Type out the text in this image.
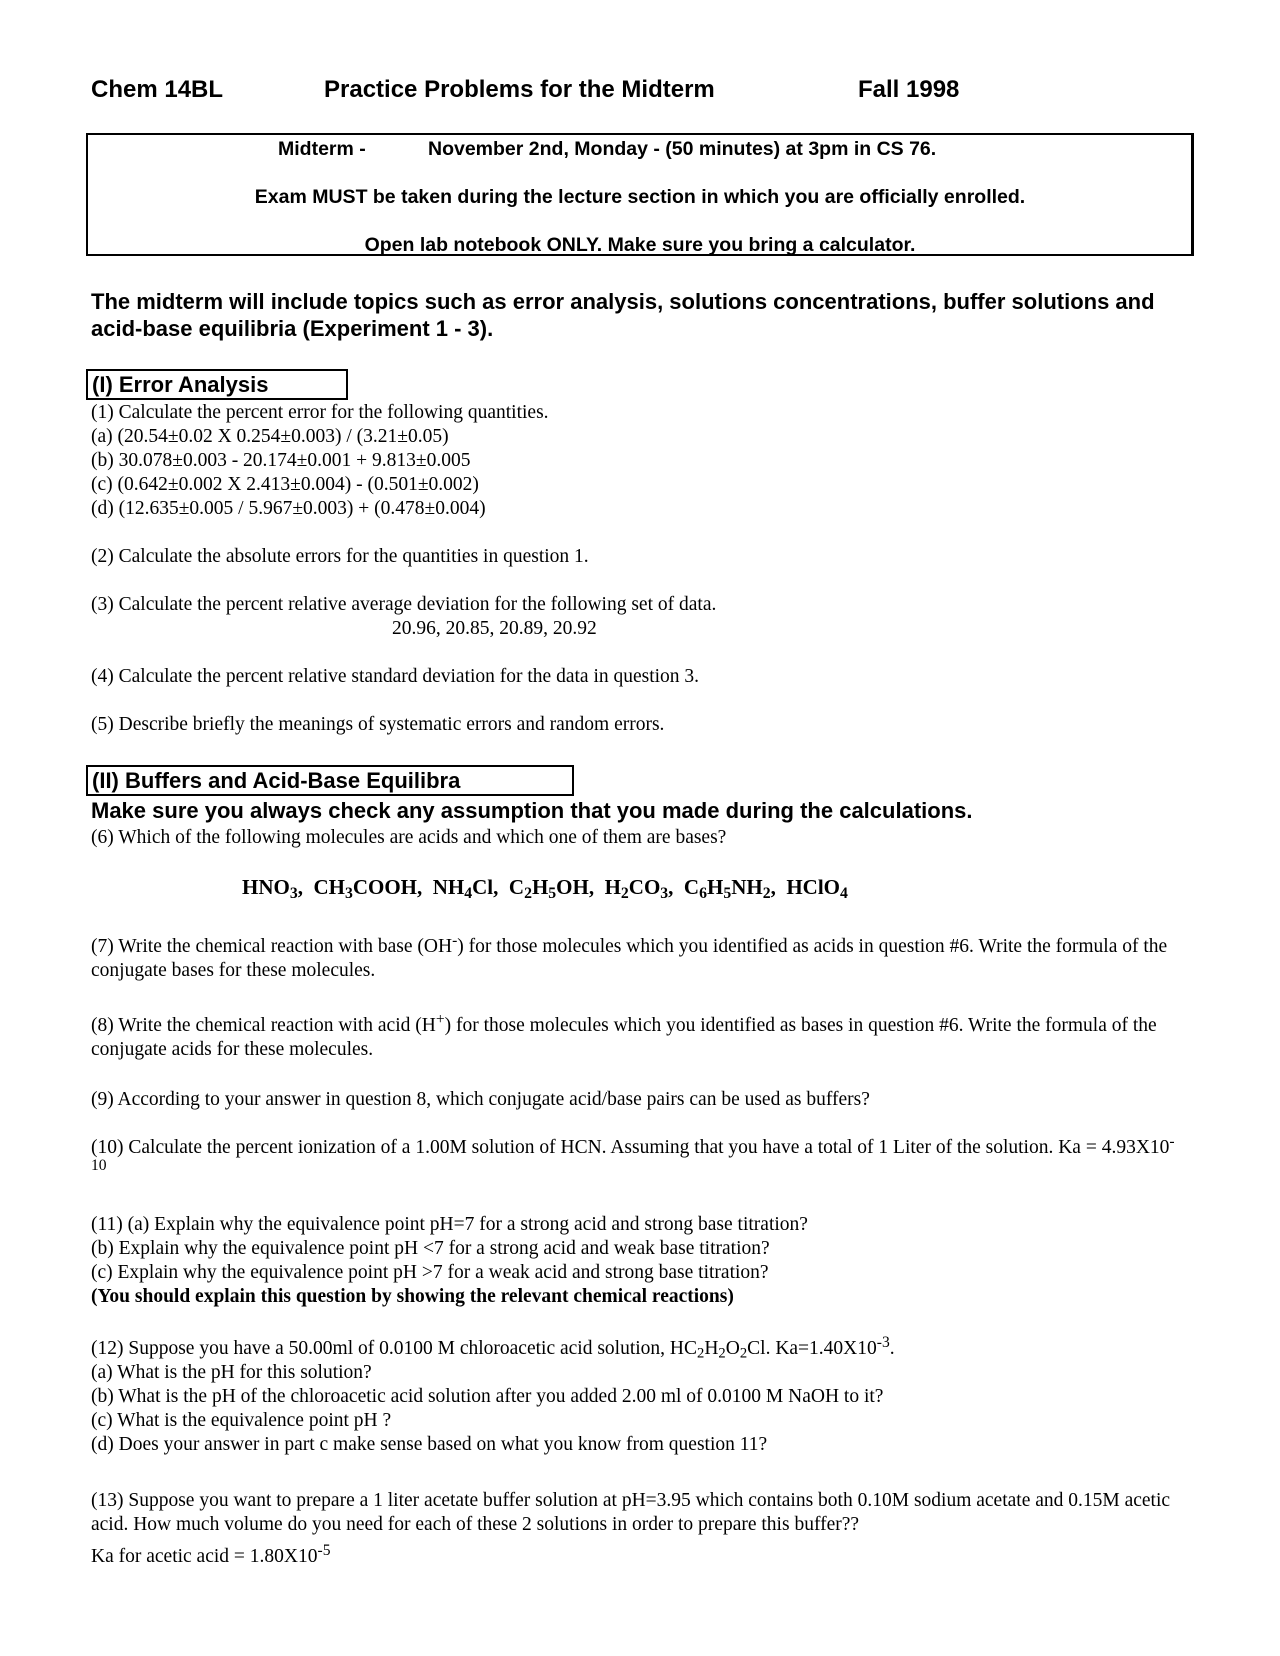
Chem 14BL	Practice Problems for the Midterm	Fall 1998
Midterm -	November 2nd, Monday - (50 minutes) at 3pm in CS 76.
Exam MUST be taken during the lecture section in which you are officially enrolled.
Open lab notebook ONLY. Make sure you bring a calculator.
The midterm will include topics such as error analysis, solutions concentrations, buffer solutions and acid-base equilibria (Experiment 1 - 3).
(I) Error Analysis
(1) Calculate the percent error for the following quantities.
(a) (20.54±0.02 X 0.254±0.003) / (3.21±0.05)
(b) 30.078±0.003 - 20.174±0.001 + 9.813±0.005
(c) (0.642±0.002 X 2.413±0.004) - (0.501±0.002)
(d) (12.635±0.005 / 5.967±0.003) + (0.478±0.004)
(2) Calculate the absolute errors for the quantities in question 1.
(3) Calculate the percent relative average deviation for the following set of data.
20.96, 20.85, 20.89, 20.92
(4) Calculate the percent relative standard deviation for the data in question 3.
(5) Describe briefly the meanings of systematic errors and random errors.
(II) Buffers and Acid-Base Equilibra
Make sure you always check any assumption that you made during the calculations.
(6) Which of the following molecules are acids and which one of them are bases?
$HNO_3$,  $CH_3COOH$,  $NH_4Cl$,  $C_2H_5OH$,  $H_2CO_3$,  $C_6H_5NH_2$,  HClO$_4$
(7) Write the chemical reaction with base (OH-) for those molecules which you identified as acids in question #6. Write the formula of the conjugate bases for these molecules.
(8) Write the chemical reaction with acid (H+) for those molecules which you identified as bases in question #6. Write the formula of the conjugate acids for these molecules.
(9) According to your answer in question 8, which conjugate acid/base pairs can be used as buffers?
(10) Calculate the percent ionization of a 1.00M solution of HCN. Assuming that you have a total of 1 Liter of the solution. $Ka = 4.93X10^{-10}$
(11) (a) Explain why the equivalence point pH=7 for a strong acid and strong base titration?
(b) Explain why the equivalence point pH <7 for a strong acid and weak base titration?
(c) Explain why the equivalence point pH >7 for a weak acid and strong base titration?
(You should explain this question by showing the relevant chemical reactions)
(12) Suppose you have a 50.00ml of 0.0100 M chloroacetic acid solution, $HC_2H_2O_2Cl$. $Ka=1.40X10^{-3}$.
(a) What is the pH for this solution?
(b) What is the pH of the chloroacetic acid solution after you added 2.00 ml of 0.0100 M NaOH to it?
(c) What is the equivalence point pH ?
(d) Does your answer in part c make sense based on what you know from question 11?
(13) Suppose you want to prepare a 1 liter acetate buffer solution at pH=3.95 which contains both 0.10M sodium acetate and 0.15M acetic acid. How much volume do you need for each of these 2 solutions in order to prepare this buffer??
Ka for acetic acid = $1.80X10^{-5}$
